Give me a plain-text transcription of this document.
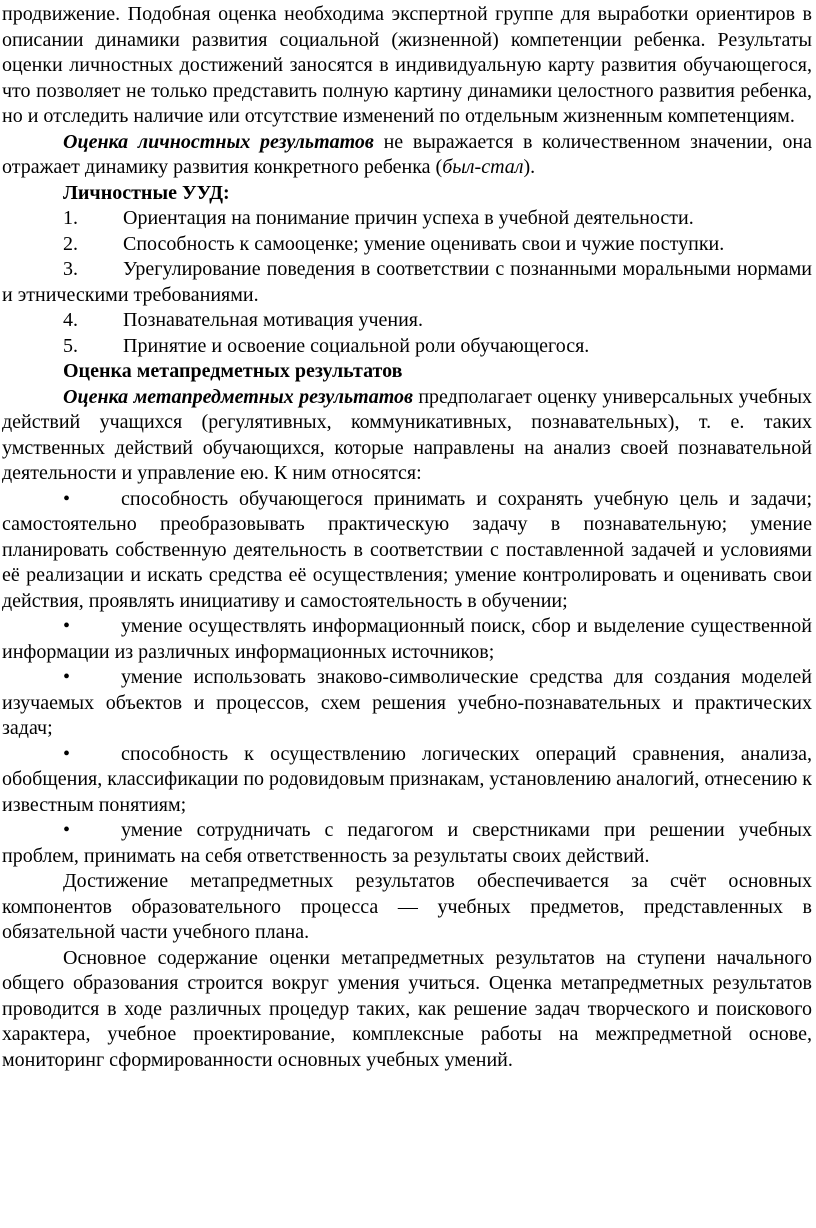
продвижение. Подобная оценка необходима экспертной группе для выработки ориентиров в описании динамики развития социальной (жизненной) компетенции ребенка. Результаты оценки личностных достижений заносятся в индивидуальную карту развития обучающегося, что позволяет не только представить полную картину динамики целостного развития ребенка, но и отследить наличие или отсутствие изменений по отдельным жизненным компетенциям.

Оценка личностных результатов не выражается в количественном значении, она отражает динамику развития конкретного ребенка (был-стал).

Личностные УУД:

1. Ориентация на понимание причин успеха в учебной деятельности.

2. Способность к самооценке; умение оценивать свои и чужие поступки.

3. Урегулирование поведения в соответствии с познанными моральными нормами и этническими требованиями.

4. Познавательная мотивация учения.

5. Принятие и освоение социальной роли обучающегося.

Оценка метапредметных результатов

Оценка метапредметных результатов предполагает оценку универсальных учебных действий учащихся (регулятивных, коммуникативных, познавательных), т. е. таких умственных действий обучающихся, которые направлены на анализ своей познавательной деятельности и управление ею. К ним относятся:

•	способность обучающегося принимать и сохранять учебную цель и задачи; самостоятельно преобразовывать практическую задачу в познавательную; умение планировать собственную деятельность в соответствии с поставленной задачей и условиями её реализации и искать средства её осуществления; умение контролировать и оценивать свои действия, проявлять инициативу и самостоятельность в обучении;

•	умение осуществлять информационный поиск, сбор и выделение существенной информации из различных информационных источников;

•	умение использовать знаково-символические средства для создания моделей изучаемых объектов и процессов, схем решения учебно-познавательных и практических задач;

•	способность к осуществлению логических операций сравнения, анализа, обобщения, классификации по родовидовым признакам, установлению аналогий, отнесению к известным понятиям;

•	умение сотрудничать с педагогом и сверстниками при решении учебных проблем, принимать на себя ответственность за результаты своих действий.

Достижение метапредметных результатов обеспечивается за счёт основных компонентов образовательного процесса — учебных предметов, представленных в обязательной части учебного плана.

Основное содержание оценки метапредметных результатов на ступени начального общего образования строится вокруг умения учиться. Оценка метапредметных результатов проводится в ходе различных процедур таких, как решение задач творческого и поискового характера, учебное проектирование, комплексные работы на межпредметной основе, мониторинг сформированности основных учебных умений.
